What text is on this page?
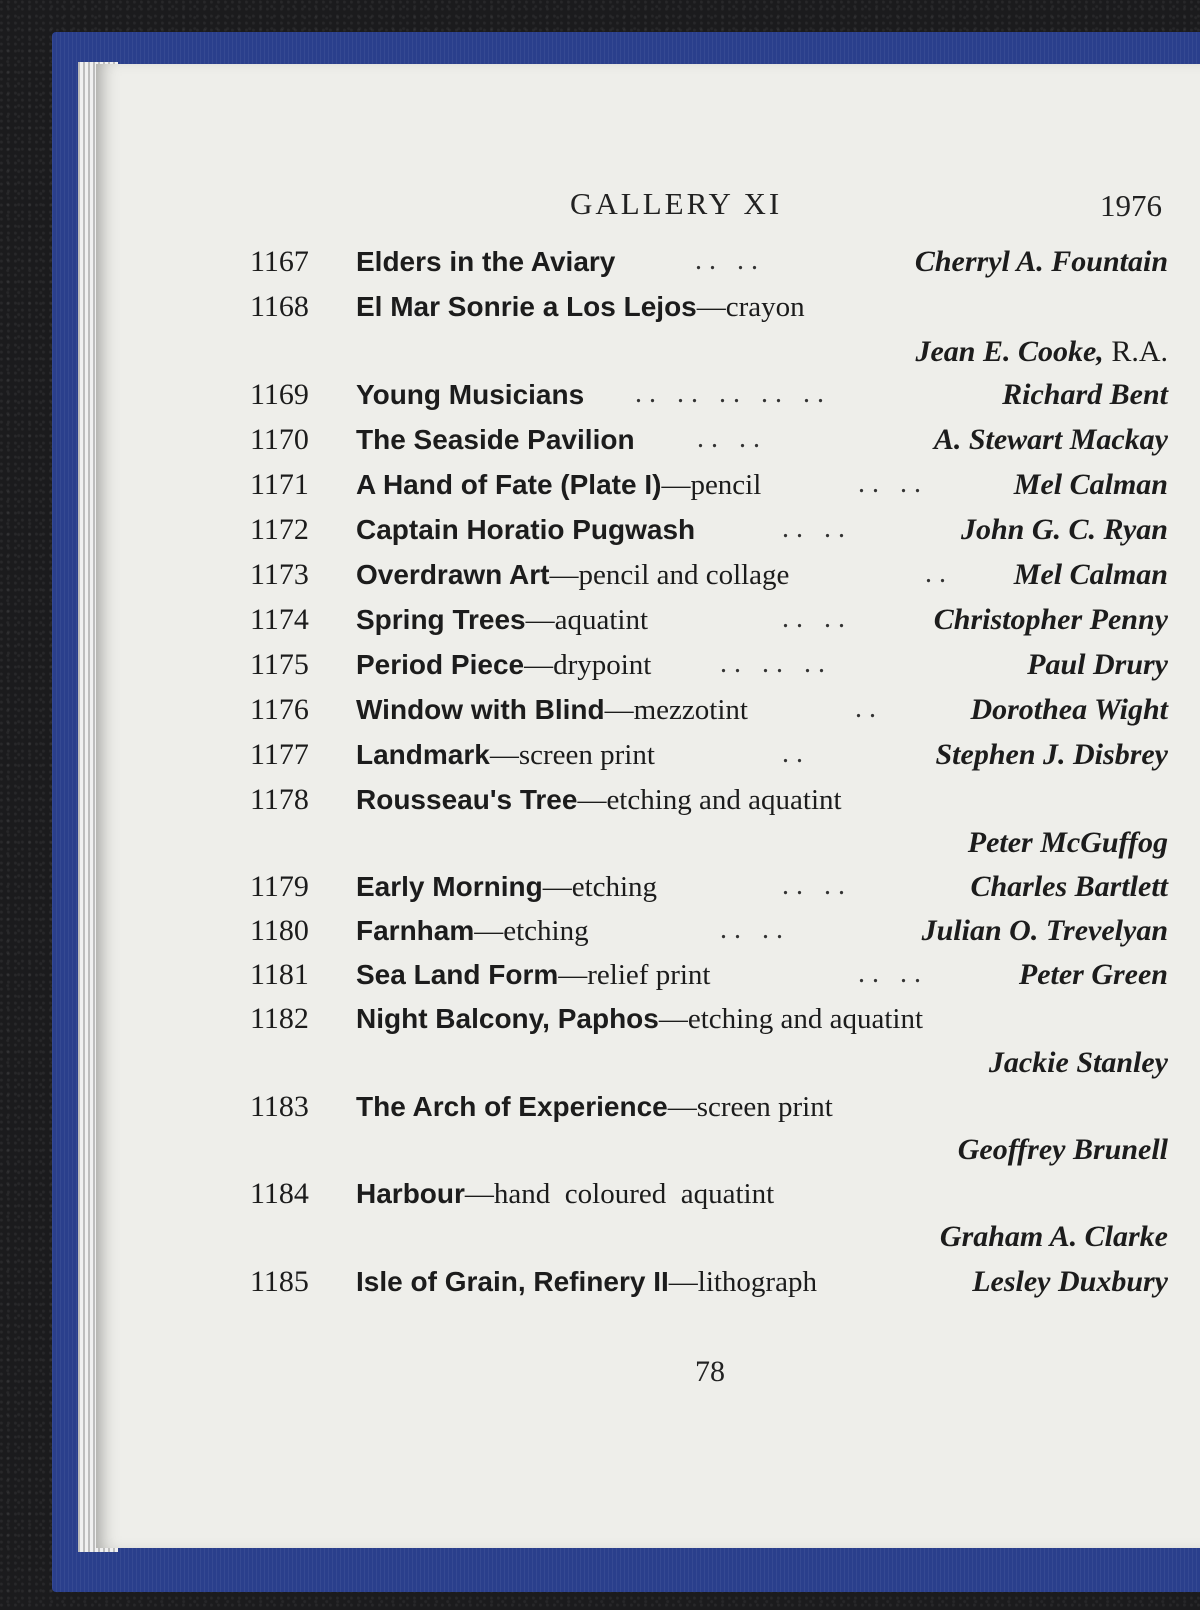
GALLERY XI	1976
1167	Elders in the Aviary	. .   . .	Cherryl A. Fountain
1168	El Mar Sonrie a Los Lejos—crayon
Jean E. Cooke, R.A.
1169	Young Musicians . .   . .   . .   . .   . .	Richard Bent
1170	The Seaside Pavilion . .   . .	A. Stewart Mackay
1171	A Hand of Fate (Plate I)—pencil	. .   . .	Mel Calman
1172	Captain Horatio Pugwash	. .   . .	John G. C. Ryan
1173	Overdrawn Art—pencil and collage	. . Mel Calman
1174	Spring Trees—aquatint	. .   . .	Christopher Penny
1175	Period Piece—drypoint . .   . .   . .	Paul Drury
1176	Window with Blind—mezzotint	. .	Dorothea Wight
1177	Landmark—screen print	. .	Stephen J. Disbrey
1178	Rousseau's Tree—etching and aquatint
Peter McGuffog
1179	Early Morning—etching	. .   . .	Charles Bartlett
1180	Farnham—etching	. .   . .	Julian O. Trevelyan
1181	Sea Land Form—relief print	. .   . .	Peter Green
1182	Night Balcony, Paphos—etching and aquatint
Jackie Stanley
1183	The Arch of Experience—screen print
Geoffrey Brunell
1184	Harbour—hand  coloured  aquatint
Graham A. Clarke
1185	Isle of Grain, Refinery II—lithograph	Lesley Duxbury
78
